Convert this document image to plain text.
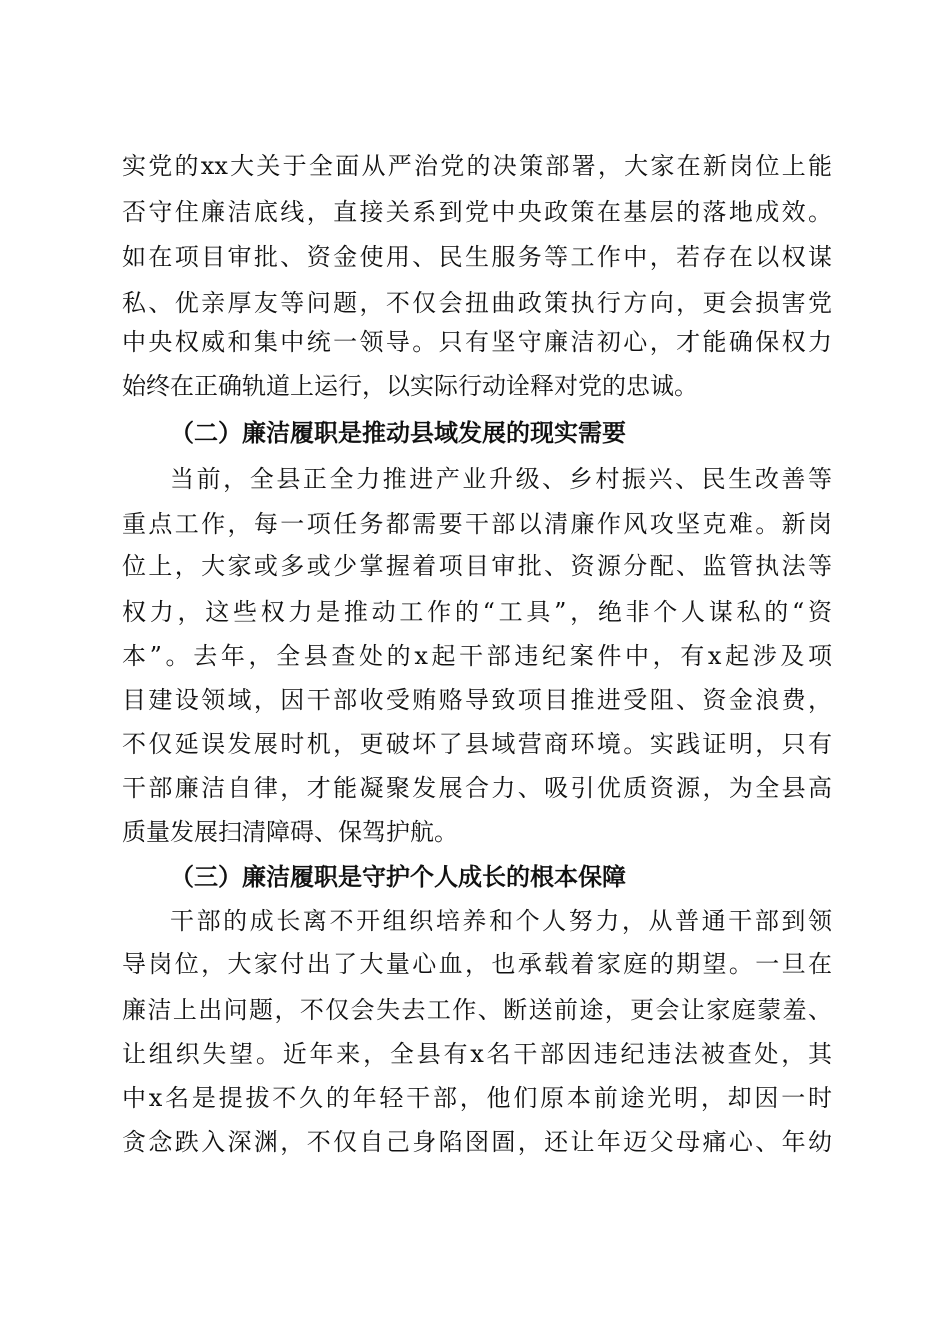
实党的xx大关于全面从严治党的决策部署，大家在新岗位上能
否守住廉洁底线，直接关系到党中央政策在基层的落地成效。
如在项目审批、资金使用、民生服务等工作中，若存在以权谋
私、优亲厚友等问题，不仅会扭曲政策执行方向，更会损害党
中央权威和集中统一领导。只有坚守廉洁初心，才能确保权力
始终在正确轨道上运行，以实际行动诠释对党的忠诚。
（二）廉洁履职是推动县域发展的现实需要
当前，全县正全力推进产业升级、乡村振兴、民生改善等
重点工作，每一项任务都需要干部以清廉作风攻坚克难。新岗
位上，大家或多或少掌握着项目审批、资源分配、监管执法等
权力，这些权力是推动工作的“工具”，绝非个人谋私的“资
本”。去年，全县查处的x起干部违纪案件中，有x起涉及项
目建设领域，因干部收受贿赂导致项目推进受阻、资金浪费，
不仅延误发展时机，更破坏了县域营商环境。实践证明，只有
干部廉洁自律，才能凝聚发展合力、吸引优质资源，为全县高
质量发展扫清障碍、保驾护航。
（三）廉洁履职是守护个人成长的根本保障
干部的成长离不开组织培养和个人努力，从普通干部到领
导岗位，大家付出了大量心血，也承载着家庭的期望。一旦在
廉洁上出问题，不仅会失去工作、断送前途，更会让家庭蒙羞、
让组织失望。近年来，全县有x名干部因违纪违法被查处，其
中x名是提拔不久的年轻干部，他们原本前途光明，却因一时
贪念跌入深渊，不仅自己身陷囹圄，还让年迈父母痛心、年幼
